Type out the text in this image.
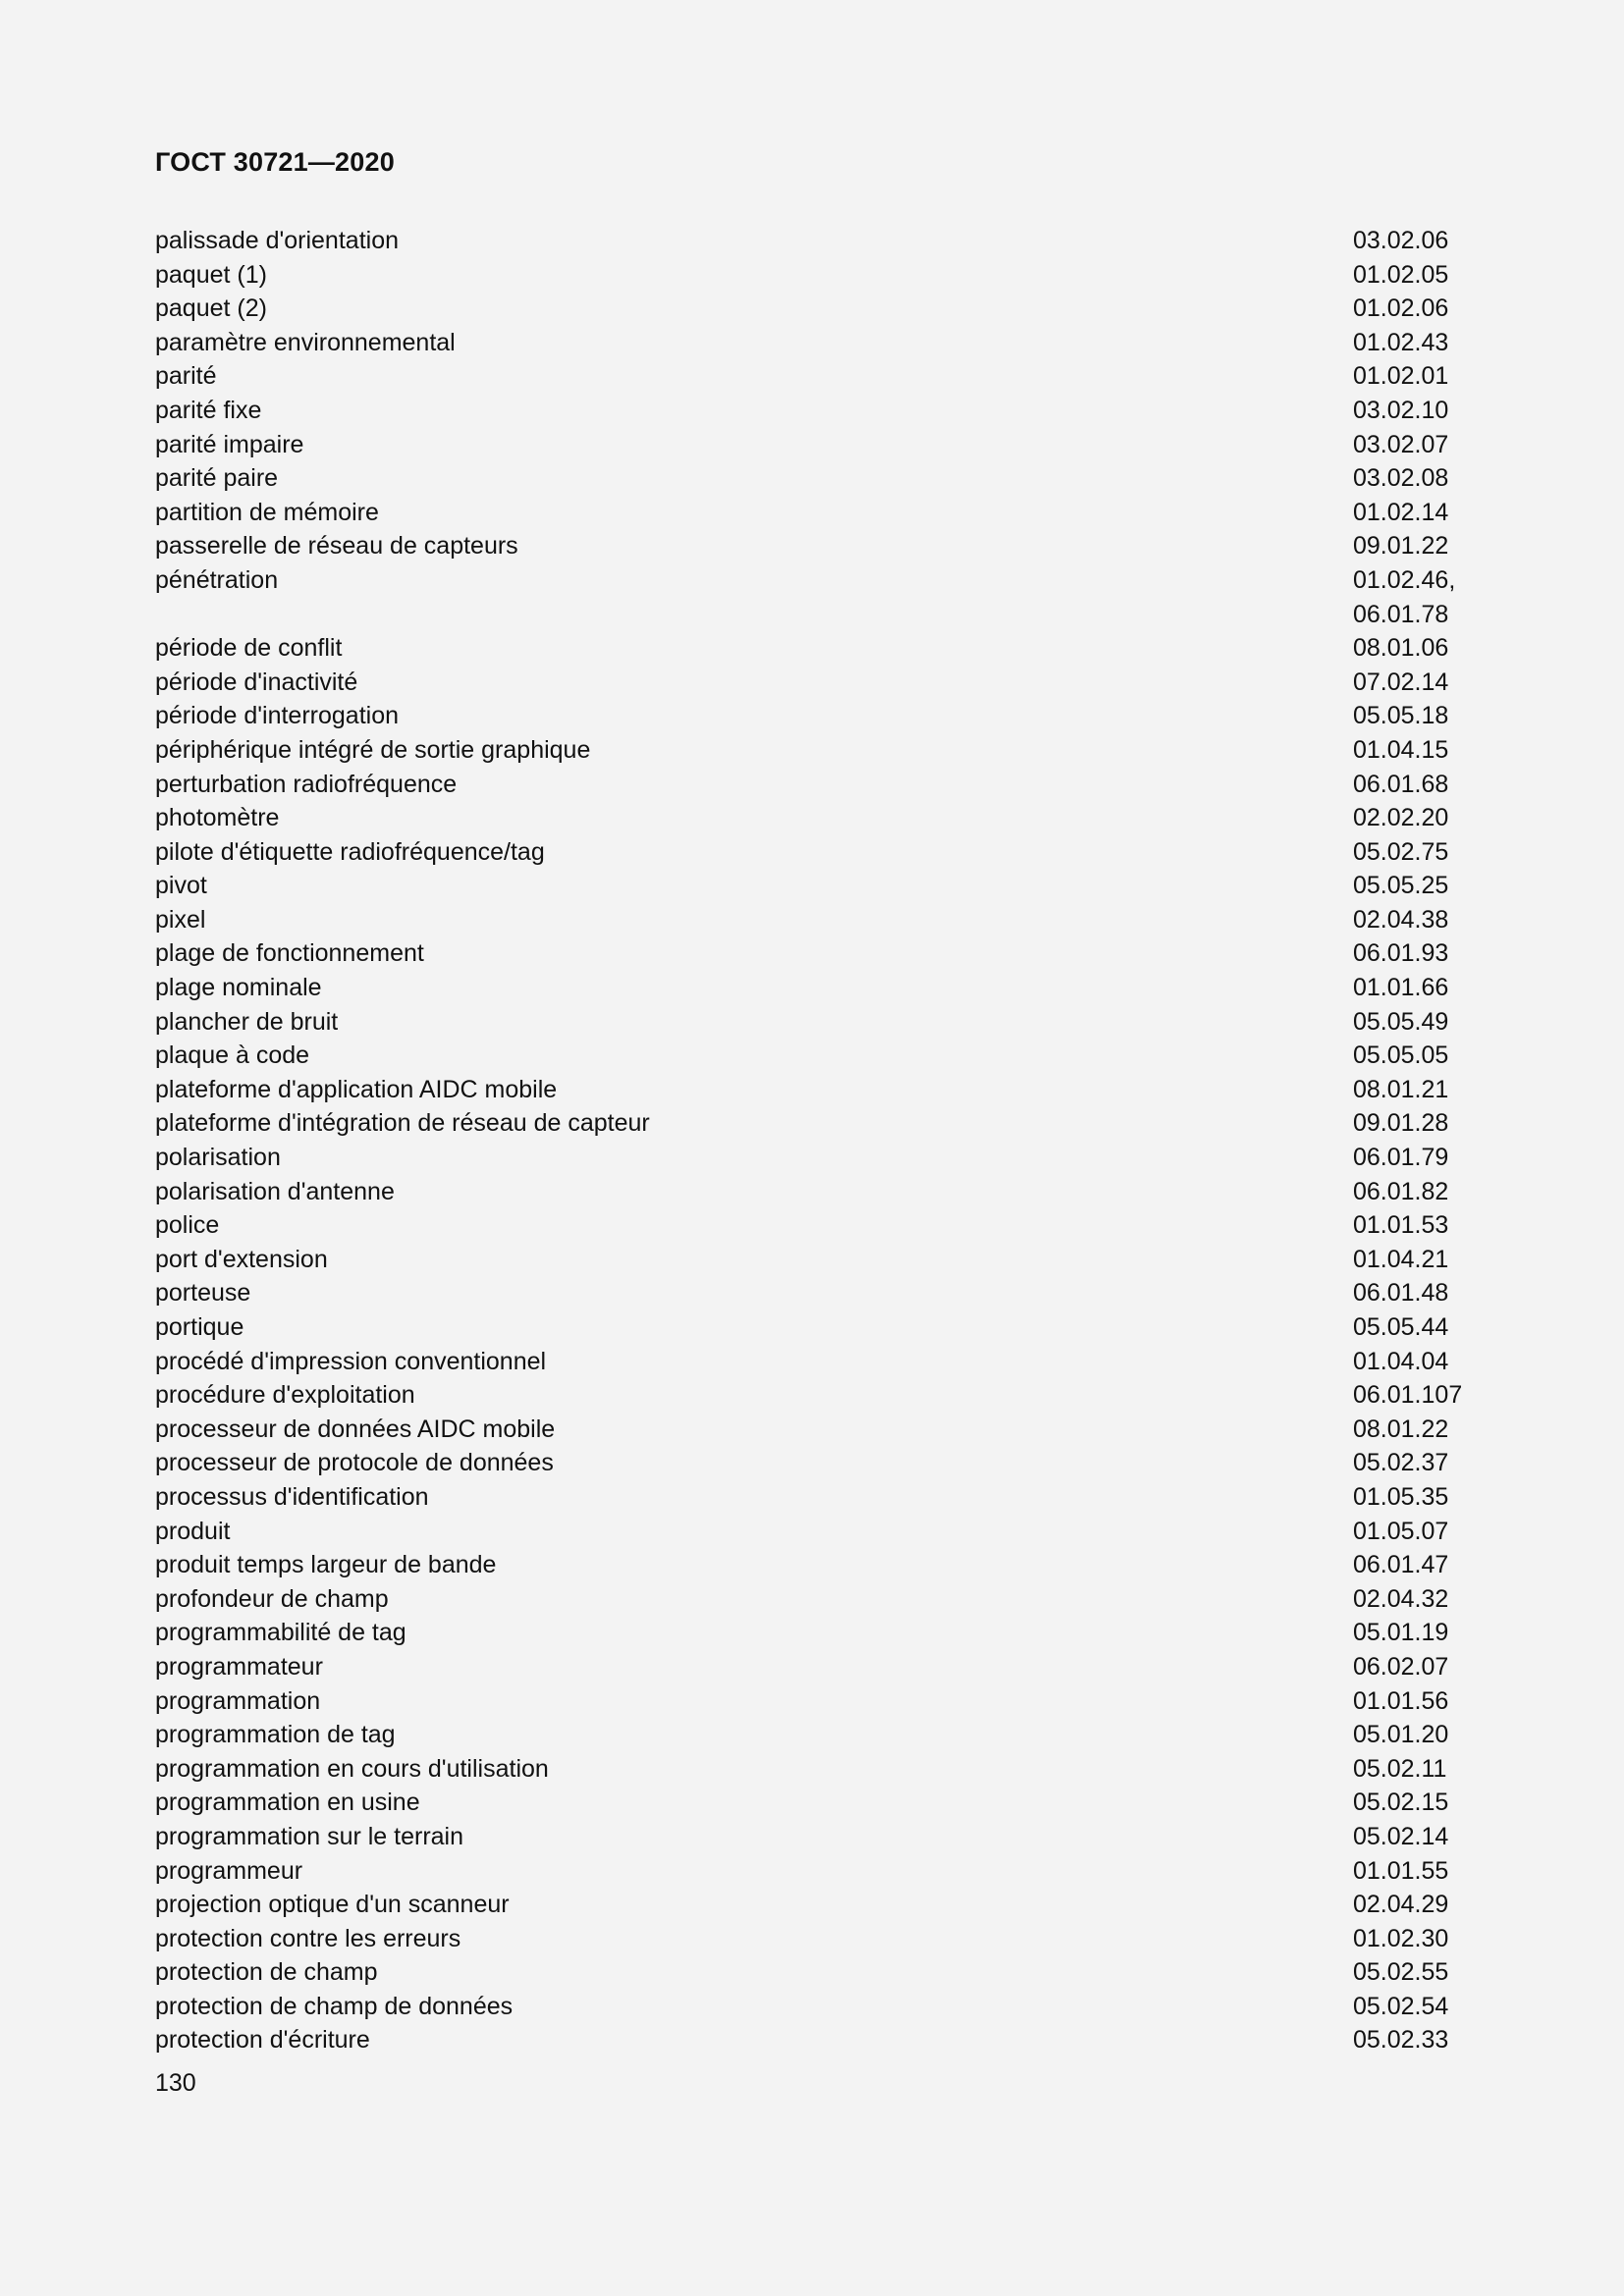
ГОСТ 30721—2020
palissade d'orientation	03.02.06
paquet (1)	01.02.05
paquet (2)	01.02.06
paramètre environnemental	01.02.43
parité	01.02.01
parité fixe	03.02.10
parité impaire	03.02.07
parité paire	03.02.08
partition de mémoire	01.02.14
passerelle de réseau de capteurs	09.01.22
pénétration	01.02.46,
06.01.78
période de conflit	08.01.06
période d'inactivité	07.02.14
période d'interrogation	05.05.18
périphérique intégré de sortie graphique	01.04.15
perturbation radiofréquence	06.01.68
photomètre	02.02.20
pilote d'étiquette radiofréquence/tag	05.02.75
pivot	05.05.25
pixel	02.04.38
plage de fonctionnement	06.01.93
plage nominale	01.01.66
plancher de bruit	05.05.49
plaque à code	05.05.05
plateforme d'application AIDC mobile	08.01.21
plateforme d'intégration de réseau de capteur	09.01.28
polarisation	06.01.79
polarisation d'antenne	06.01.82
police	01.01.53
port d'extension	01.04.21
porteuse	06.01.48
portique	05.05.44
procédé d'impression conventionnel	01.04.04
procédure d'exploitation	06.01.107
processeur de données AIDC mobile	08.01.22
processeur de protocole de données	05.02.37
processus d'identification	01.05.35
produit	01.05.07
produit temps largeur de bande	06.01.47
profondeur de champ	02.04.32
programmabilité de tag	05.01.19
programmateur	06.02.07
programmation	01.01.56
programmation de tag	05.01.20
programmation en cours d'utilisation	05.02.11
programmation en usine	05.02.15
programmation sur le terrain	05.02.14
programmeur	01.01.55
projection optique d'un scanneur	02.04.29
protection contre les erreurs	01.02.30
protection de champ	05.02.55
protection de champ de données	05.02.54
protection d'écriture	05.02.33
130
